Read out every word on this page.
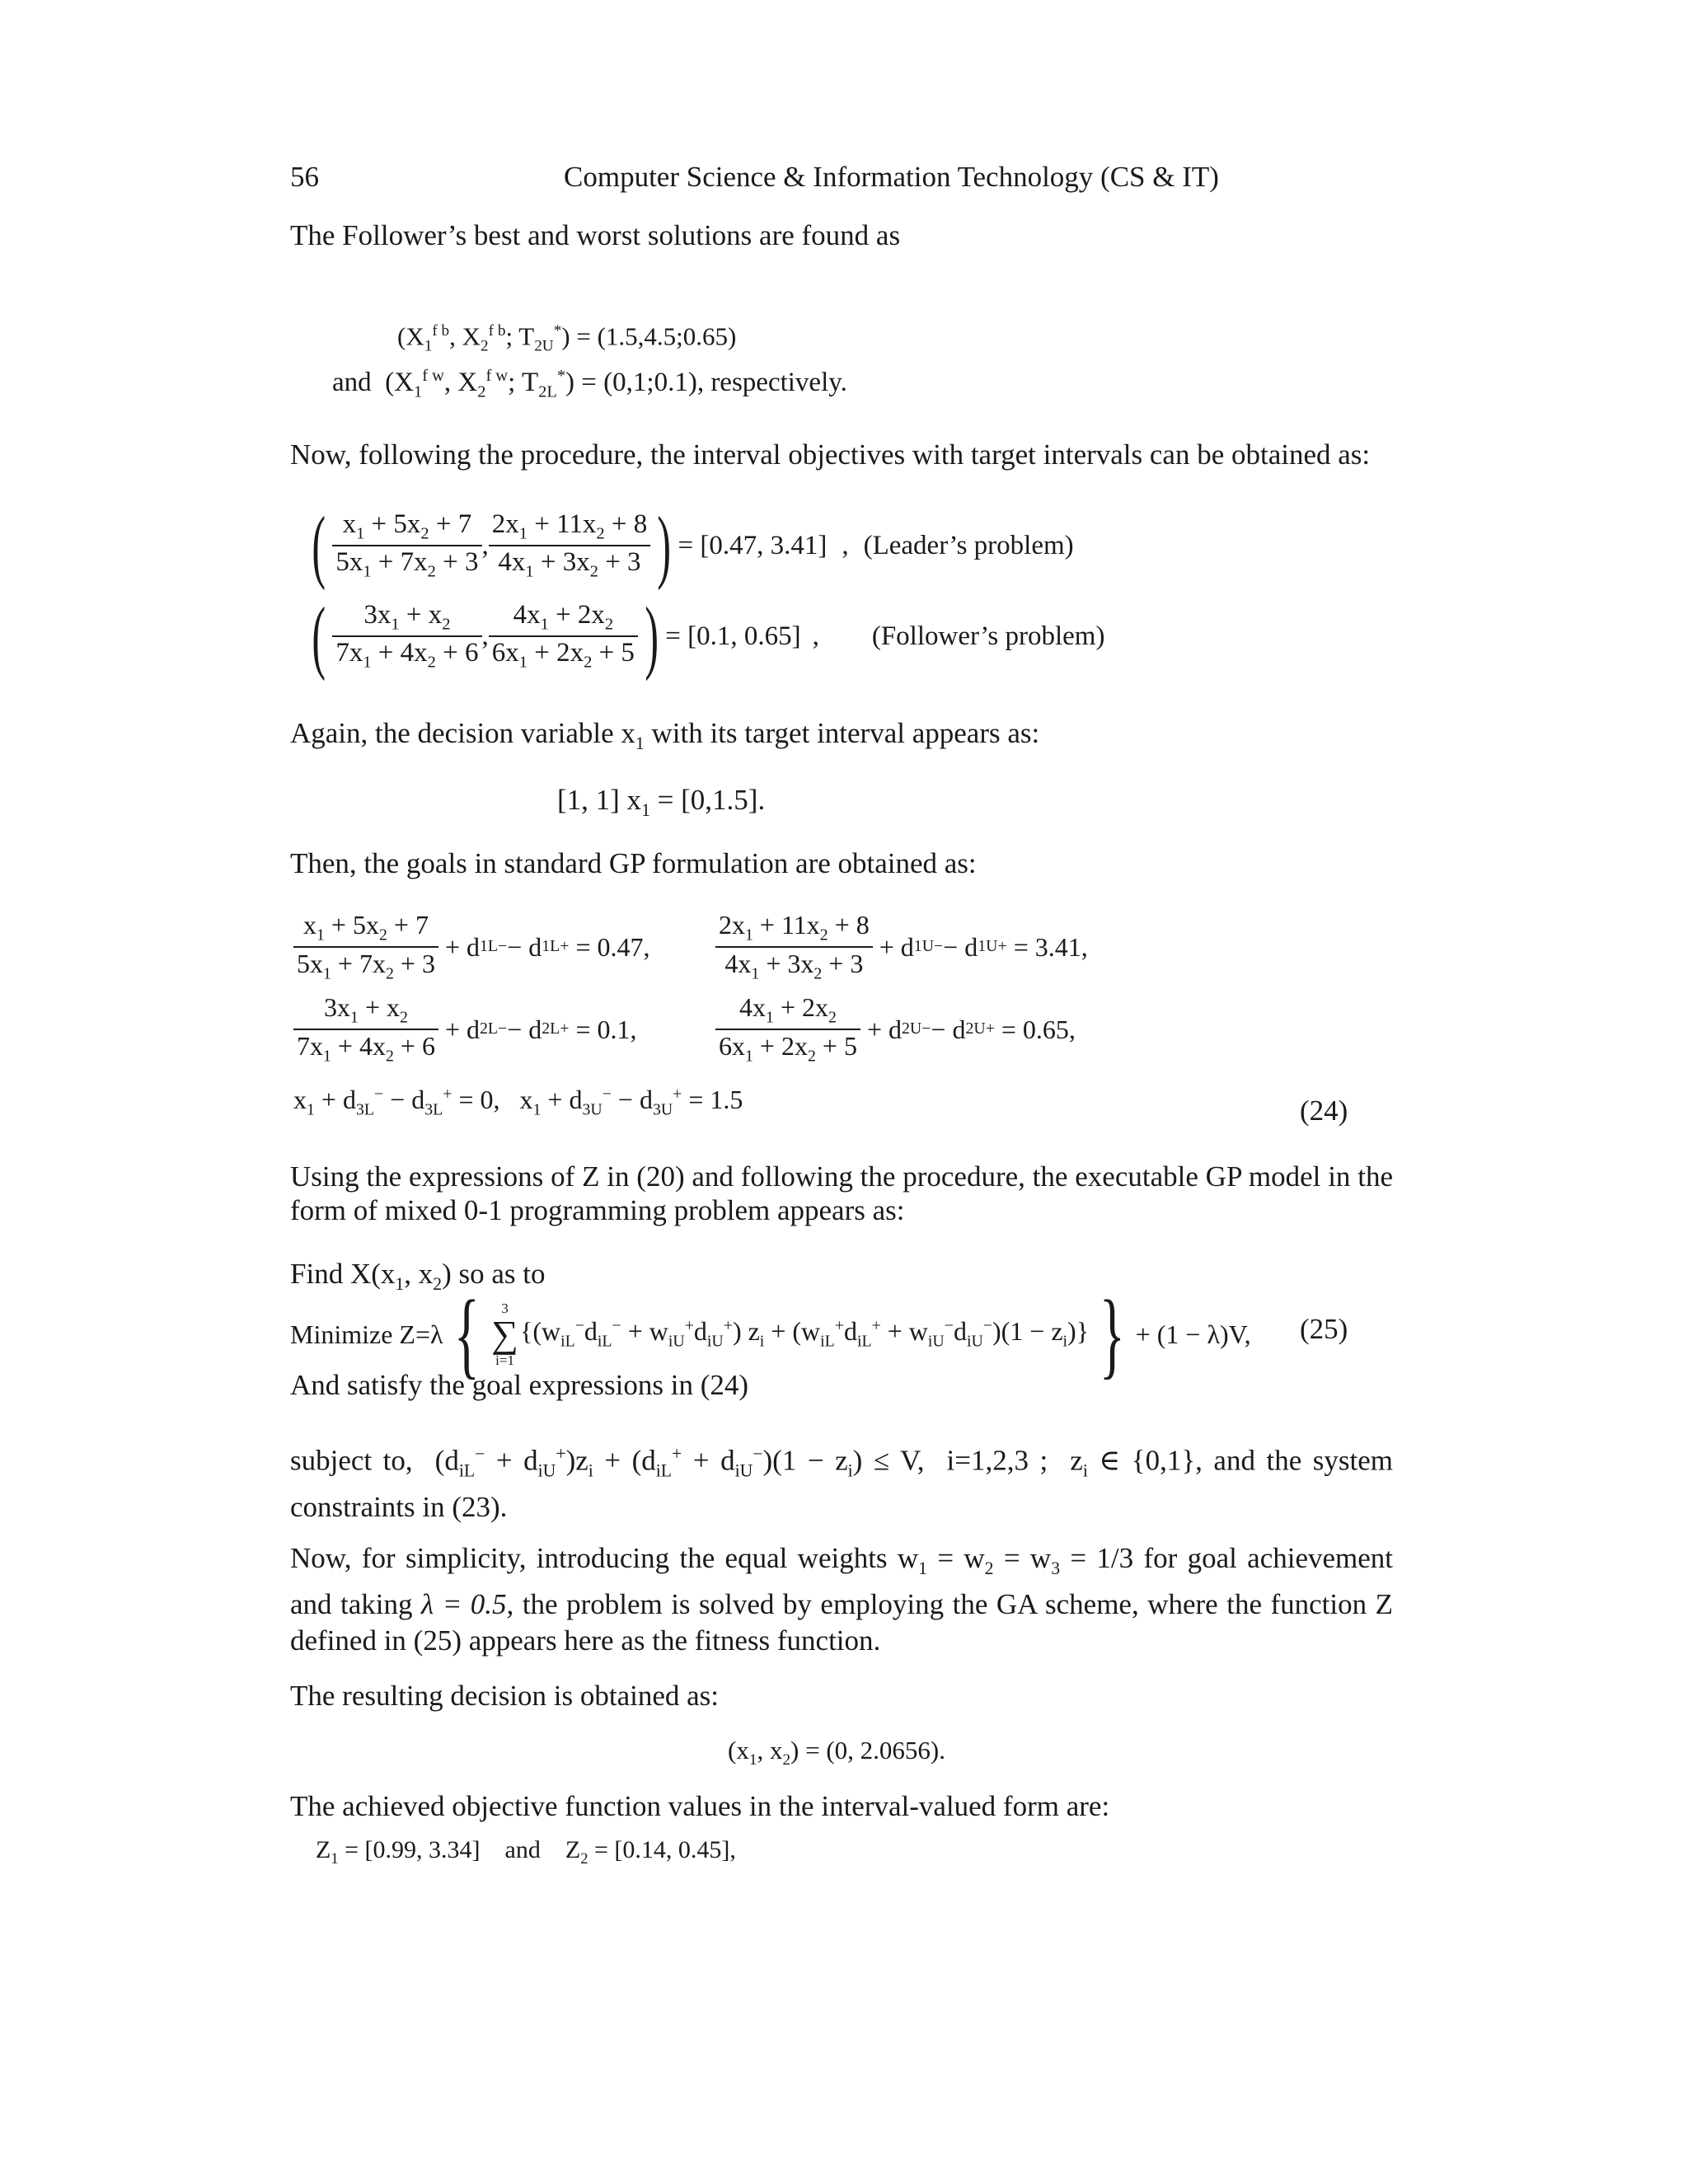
56	Computer Science & Information Technology (CS & IT)
The Follower’s best and worst solutions are found as
($X_1^{f b}$, $X_2^{f b}$; $T_{2U}^*$) = (1.5,4.5;0.65)
and  ($X_1^{f w}$, $X_2^{f w}$; $T_{2L}^*$) = (0,1;0.1), respectively.
Now, following the procedure, the interval objectives with target intervals can be obtained as:
( $\frac{x_1 + 5x_2 + 7}{5x_1 + 7x_2 + 3}$ , $\frac{2x_1 + 11x_2 + 8}{4x_1 + 3x_2 + 3}$ ) = [0.47, 3.41] , (Leader’s problem)
( $\frac{3x_1 + x_2}{7x_1 + 4x_2 + 6}$ , $\frac{4x_1 + 2x_2}{6x_1 + 2x_2 + 5}$ ) = [0.1, 0.65] , (Follower’s problem)
Again, the decision variable $x_1$ with its target interval appears as:
[1, 1] $x_1 = [0,1.5]$.
Then, the goals in standard GP formulation are obtained as:
$\frac{x_1 + 5x_2 + 7}{5x_1 + 7x_2 + 3} + d$ 1L − − d 1L +
= 0.47, $\frac{2x_1 + 11x_2 + 8}{4x_1 + 3x_2 + 3} + d$ 1U − − d 1U +
= 3.41,
$\frac{3x_1 + x_2}{7x_1 + 4x_2 + 6} + d$ 2L − − d 2L +
= 0.1,	$\frac{4x_1 + 2x_2}{6x_1 + 2x_2 + 5} + d$ 2U − − d 2U +
= 0.65,
$x_1 + d_{3L}^- - d_{3L}^+ = 0$,   $x_1 + d_{3U}^- - d_{3U}^+ = 1.5$	(24)
Using the expressions of Z in (20) and following the procedure, the executable GP model in the form of mixed 0-1 programming problem appears as:
Find $X(x_1$, $x_2$) so as to
Minimize Z=λ {	3
∑
i=1
$\{(w_{iL}^-d_{iL}^- + w_{iU}^+d_{iU}^+) z_i + (w_{iL}^+d_{iL}^+ + w_{iU}^-d_{iU}^-)(1 - z_i)\}$ } + (1 − λ)V, (25)
And satisfy the goal expressions in (24)
subject to,  $(d_{iL}^- + d_{iU}^+)z_i + (d_{iL}^+ + d_{iU}^-)(1 - z_i) \le V$,  i=1,2,3 ;  $z_i$ ∈ {0,1}, and the system constraints in (23).
Now, for simplicity, introducing the equal weights $w_1 = w_2 = w_3 = 1/3$ for goal achievement and taking λ = 0.5, the problem is solved by employing the GA scheme, where the function Z defined in (25) appears here as the fitness function.
The resulting decision is obtained as:
($x_1$, $x_2) = (0$, 2.0656).
The achieved objective function values in the interval-valued form are:
$Z_1 = [0.99$, 3.34] and    $Z_2 = [0.14$, 0.45],
